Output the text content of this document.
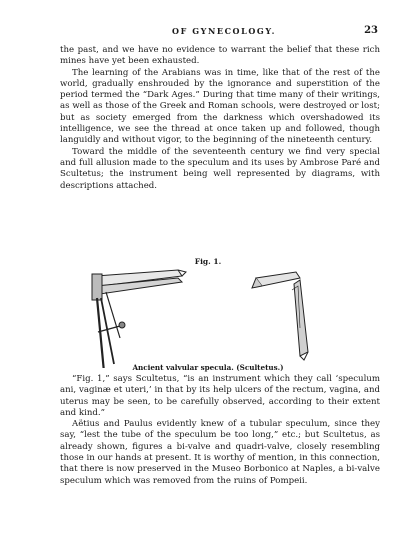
OF GYNECOLOGY.	23

the past, and we have no evidence to warrant the belief that these rich mines have yet been exhausted.

The learning of the Arabians was in time, like that of the rest of the world, gradually enshrouded by the ignorance and superstition of the period termed the “Dark Ages.” During that time many of their writings, as well as those of the Greek and Roman schools, were destroyed or lost; but as society emerged from the darkness which overshadowed its intelligence, we see the thread at once taken up and followed, though languidly and without vigor, to the beginning of the nineteenth century.

Toward the middle of the seventeenth century we find very special and full allusion made to the speculum and its uses by Ambrose Paré and Scultetus; the instrument being well represented by diagrams, with descriptions attached.

Fig. 1.
Ancient valvular specula. (Scultetus.)

“Fig. 1,” says Scultetus, “is an instrument which they call ‘speculum ani, vaginæ et uteri,’ in that by its help ulcers of the rectum, vagina, and uterus may be seen, to be carefully observed, according to their extent and kind.”

Aëtius and Paulus evidently knew of a tubular speculum, since they say, “lest the tube of the speculum be too long,” etc.; but Scultetus, as already shown, figures a bi-valve and quadri-valve, closely resembling those in our hands at present. It is worthy of mention, in this connection, that there is now preserved in the Museo Borbonico at Naples, a bi-valve speculum which was removed from the ruins of Pompeii.
